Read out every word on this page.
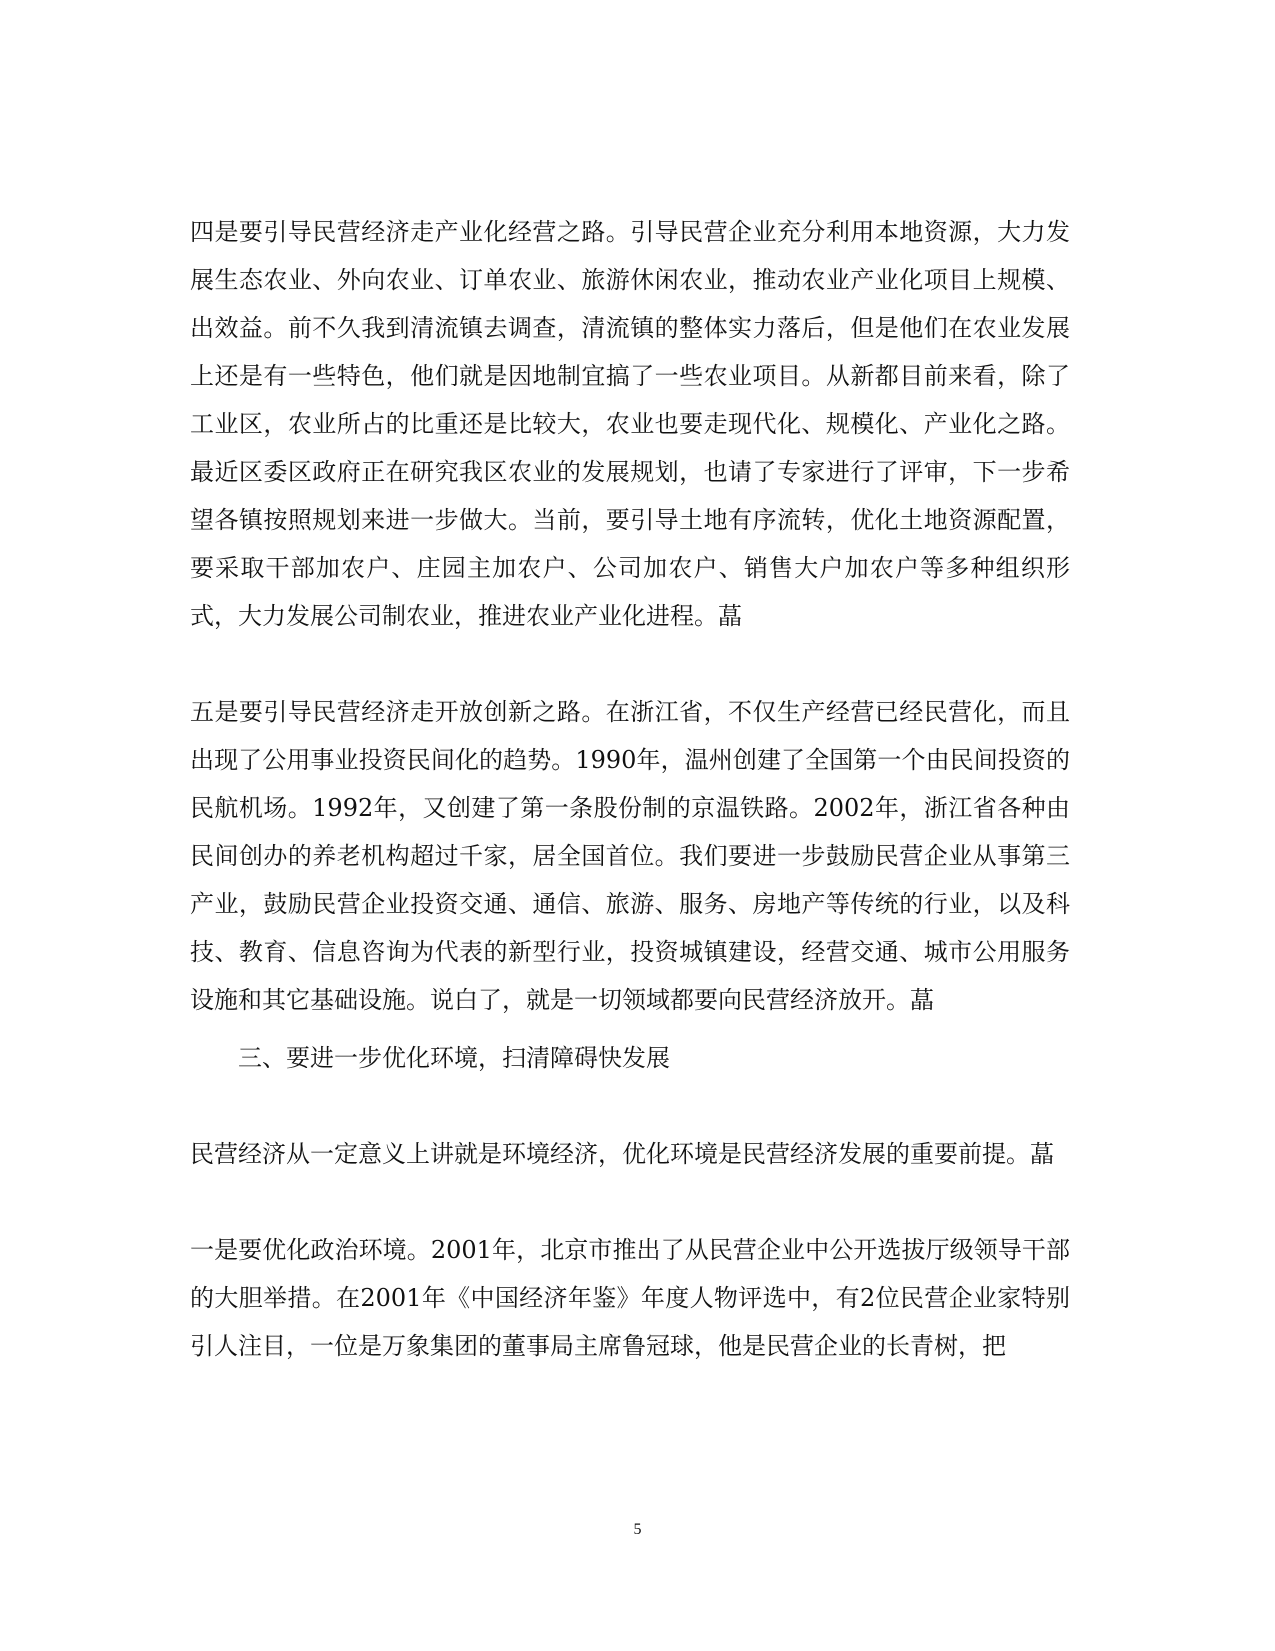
四是要引导民营经济走产业化经营之路。引导民营企业充分利用本地资源，大力发展生态农业、外向农业、订单农业、旅游休闲农业，推动农业产业化项目上规模、出效益。前不久我到清流镇去调查，清流镇的整体实力落后，但是他们在农业发展上还是有一些特色，他们就是因地制宜搞了一些农业项目。从新都目前来看，除了工业区，农业所占的比重还是比较大，农业也要走现代化、规模化、产业化之路。最近区委区政府正在研究我区农业的发展规划，也请了专家进行了评审，下一步希望各镇按照规划来进一步做大。当前，要引导土地有序流转，优化土地资源配置，要采取干部加农户、庄园主加农户、公司加农户、销售大户加农户等多种组织形式，大力发展公司制农业，推进农业产业化进程。蕌

五是要引导民营经济走开放创新之路。在浙江省，不仅生产经营已经民营化，而且出现了公用事业投资民间化的趋势。1990年，温州创建了全国第一个由民间投资的民航机场。1992年，又创建了第一条股份制的京温铁路。2002年，浙江省各种由民间创办的养老机构超过千家，居全国首位。我们要进一步鼓励民营企业从事第三产业，鼓励民营企业投资交通、通信、旅游、服务、房地产等传统的行业，以及科技、教育、信息咨询为代表的新型行业，投资城镇建设，经营交通、城市公用服务设施和其它基础设施。说白了，就是一切领域都要向民营经济放开。蕌

三、要进一步优化环境，扫清障碍快发展

民营经济从一定意义上讲就是环境经济，优化环境是民营经济发展的重要前提。蕌

一是要优化政治环境。2001年，北京市推出了从民营企业中公开选拔厅级领导干部的大胆举措。在2001年《中国经济年鉴》年度人物评选中，有2位民营企业家特别引人注目，一位是万象集团的董事局主席鲁冠球，他是民营企业的长青树，把

5
